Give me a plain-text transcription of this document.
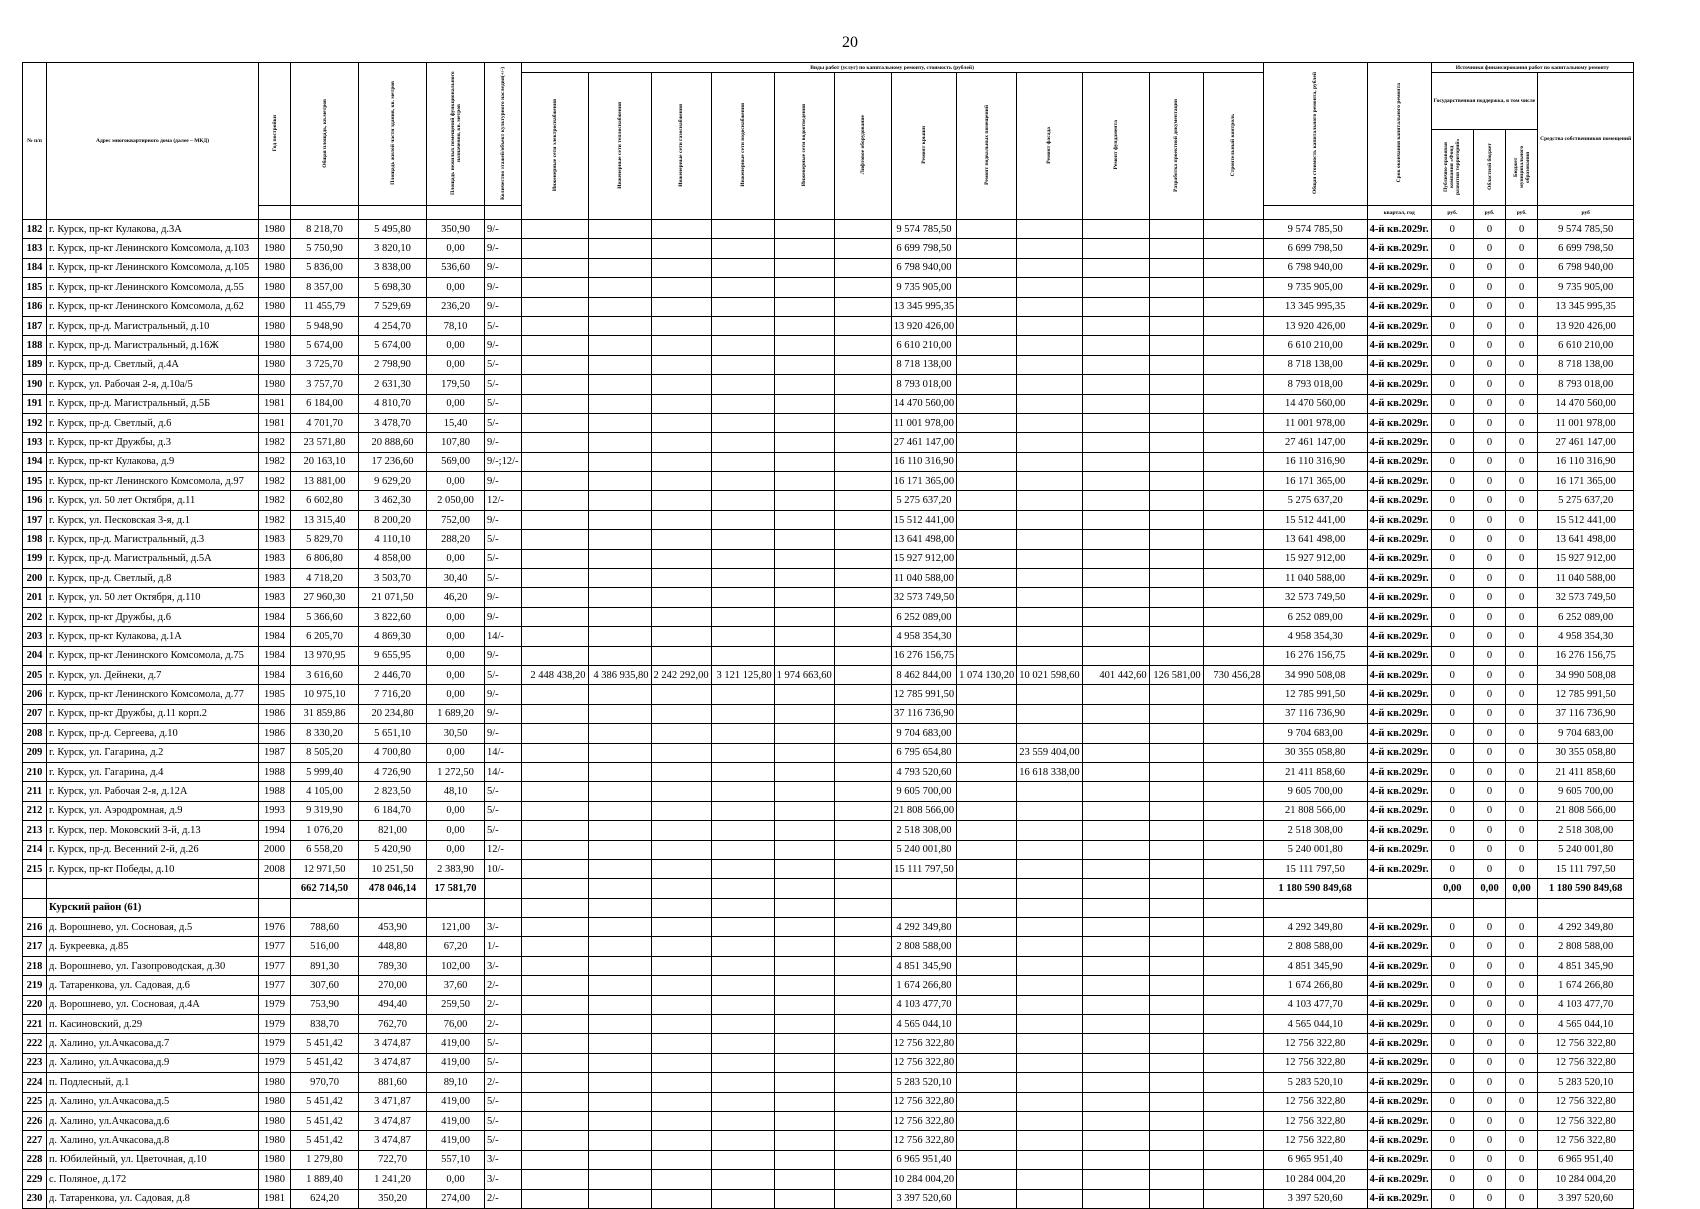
20
№ п/п	Адрес многоквартирного дома (далее – МКД)	Год постройки	Общая площадь, кв.метров	Площадь жилой части здания, кв. метров	Площадь нежилых помещений функционального назначения, кв. метров	Количество этажей/объект культурного наследия(+/-)	Виды работ (услуг) по капитальному ремонту, стоимость (рублей)												Общая стоимость капитального ремонта, рублей	Срок окончания капитального ремонта	Источники финансирования работ по капитальному ремонту			
							Инженерные сети электроснабжения	Инженерные сети теплоснабжения	Инженерные сети газоснабжения	Инженерные сети водоснабжения	Инженерные сети водоотведения	Лифтовое оборудование	Ремонт крыши	Ремонт подвальных помещений	Ремонт фасада	Ремонт фундамента	Разработка проектной документации	Строительный контроль			Государственная поддержка, в том числе			Средства собственников помещений
																					Публично-правовая компания «Фонд развития территорий»	Областной бюджет	Бюджет муниципального образования	
																				квартал, год	руб.	руб.	руб.	руб
182	г. Курск, пр-кт Кулакова, д.3А	1980	8 218,70	5 495,80	350,90	9/-							9 574 785,50						9 574 785,50	4-й кв.2029г.	0	0	0	9 574 785,50
183	г. Курск, пр-кт Ленинского Комсомола, д.103	1980	5 750,90	3 820,10	0,00	9/-							6 699 798,50						6 699 798,50	4-й кв.2029г.	0	0	0	6 699 798,50
184	г. Курск, пр-кт Ленинского Комсомола, д.105	1980	5 836,00	3 838,00	536,60	9/-							6 798 940,00						6 798 940,00	4-й кв.2029г.	0	0	0	6 798 940,00
185	г. Курск, пр-кт Ленинского Комсомола, д.55	1980	8 357,00	5 698,30	0,00	9/-							9 735 905,00						9 735 905,00	4-й кв.2029г.	0	0	0	9 735 905,00
186	г. Курск, пр-кт Ленинского Комсомола, д.62	1980	11 455,79	7 529,69	236,20	9/-							13 345 995,35						13 345 995,35	4-й кв.2029г.	0	0	0	13 345 995,35
187	г. Курск, пр-д. Магистральный, д.10	1980	5 948,90	4 254,70	78,10	5/-							13 920 426,00						13 920 426,00	4-й кв.2029г.	0	0	0	13 920 426,00
188	г. Курск, пр-д. Магистральный, д.16Ж	1980	5 674,00	5 674,00	0,00	9/-							6 610 210,00						6 610 210,00	4-й кв.2029г.	0	0	0	6 610 210,00
189	г. Курск, пр-д. Светлый, д.4А	1980	3 725,70	2 798,90	0,00	5/-							8 718 138,00						8 718 138,00	4-й кв.2029г.	0	0	0	8 718 138,00
190	г. Курск, ул. Рабочая 2-я, д.10а/5	1980	3 757,70	2 631,30	179,50	5/-							8 793 018,00						8 793 018,00	4-й кв.2029г.	0	0	0	8 793 018,00
191	г. Курск, пр-д. Магистральный, д.5Б	1981	6 184,00	4 810,70	0,00	5/-							14 470 560,00						14 470 560,00	4-й кв.2029г.	0	0	0	14 470 560,00
192	г. Курск, пр-д. Светлый, д.6	1981	4 701,70	3 478,70	15,40	5/-							11 001 978,00						11 001 978,00	4-й кв.2029г.	0	0	0	11 001 978,00
193	г. Курск, пр-кт Дружбы, д.3	1982	23 571,80	20 888,60	107,80	9/-							27 461 147,00						27 461 147,00	4-й кв.2029г.	0	0	0	27 461 147,00
194	г. Курск, пр-кт Кулакова, д.9	1982	20 163,10	17 236,60	569,00	9/-;12/-							16 110 316,90						16 110 316,90	4-й кв.2029г.	0	0	0	16 110 316,90
195	г. Курск, пр-кт Ленинского Комсомола, д.97	1982	13 881,00	9 629,20	0,00	9/-							16 171 365,00						16 171 365,00	4-й кв.2029г.	0	0	0	16 171 365,00
196	г. Курск, ул. 50 лет Октября, д.11	1982	6 602,80	3 462,30	2 050,00	12/-							5 275 637,20						5 275 637,20	4-й кв.2029г.	0	0	0	5 275 637,20
197	г. Курск, ул. Песковская 3-я, д.1	1982	13 315,40	8 200,20	752,00	9/-							15 512 441,00						15 512 441,00	4-й кв.2029г.	0	0	0	15 512 441,00
198	г. Курск, пр-д. Магистральный, д.3	1983	5 829,70	4 110,10	288,20	5/-							13 641 498,00						13 641 498,00	4-й кв.2029г.	0	0	0	13 641 498,00
199	г. Курск, пр-д. Магистральный, д.5А	1983	6 806,80	4 858,00	0,00	5/-							15 927 912,00						15 927 912,00	4-й кв.2029г.	0	0	0	15 927 912,00
200	г. Курск, пр-д. Светлый, д.8	1983	4 718,20	3 503,70	30,40	5/-							11 040 588,00						11 040 588,00	4-й кв.2029г.	0	0	0	11 040 588,00
201	г. Курск, ул. 50 лет Октября, д.110	1983	27 960,30	21 071,50	46,20	9/-							32 573 749,50						32 573 749,50	4-й кв.2029г.	0	0	0	32 573 749,50
202	г. Курск, пр-кт Дружбы, д.6	1984	5 366,60	3 822,60	0,00	9/-							6 252 089,00						6 252 089,00	4-й кв.2029г.	0	0	0	6 252 089,00
203	г. Курск, пр-кт Кулакова, д.1А	1984	6 205,70	4 869,30	0,00	14/-							4 958 354,30						4 958 354,30	4-й кв.2029г.	0	0	0	4 958 354,30
204	г. Курск, пр-кт Ленинского Комсомола, д.75	1984	13 970,95	9 655,95	0,00	9/-							16 276 156,75						16 276 156,75	4-й кв.2029г.	0	0	0	16 276 156,75
205	г. Курск, ул. Дейнеки, д.7	1984	3 616,60	2 446,70	0,00	5/-	2 448 438,20	4 386 935,80	2 242 292,00	3 121 125,80	1 974 663,60		8 462 844,00	1 074 130,20	10 021 598,60	401 442,60	126 581,00	730 456,28	34 990 508,08	4-й кв.2029г.	0	0	0	34 990 508,08
206	г. Курск, пр-кт Ленинского Комсомола, д.77	1985	10 975,10	7 716,20	0,00	9/-							12 785 991,50						12 785 991,50	4-й кв.2029г.	0	0	0	12 785 991,50
207	г. Курск, пр-кт Дружбы, д.11 корп.2	1986	31 859,86	20 234,80	1 689,20	9/-							37 116 736,90						37 116 736,90	4-й кв.2029г.	0	0	0	37 116 736,90
208	г. Курск, пр-д. Сергеева, д.10	1986	8 330,20	5 651,10	30,50	9/-							9 704 683,00						9 704 683,00	4-й кв.2029г.	0	0	0	9 704 683,00
209	г. Курск, ул. Гагарина, д.2	1987	8 505,20	4 700,80	0,00	14/-							6 795 654,80		23 559 404,00				30 355 058,80	4-й кв.2029г.	0	0	0	30 355 058,80
210	г. Курск, ул. Гагарина, д.4	1988	5 999,40	4 726,90	1 272,50	14/-							4 793 520,60		16 618 338,00				21 411 858,60	4-й кв.2029г.	0	0	0	21 411 858,60
211	г. Курск, ул. Рабочая 2-я, д.12А	1988	4 105,00	2 823,50	48,10	5/-							9 605 700,00						9 605 700,00	4-й кв.2029г.	0	0	0	9 605 700,00
212	г. Курск, ул. Аэродромная, д.9	1993	9 319,90	6 184,70	0,00	5/-							21 808 566,00						21 808 566,00	4-й кв.2029г.	0	0	0	21 808 566,00
213	г. Курск, пер. Моковский 3-й, д.13	1994	1 076,20	821,00	0,00	5/-							2 518 308,00						2 518 308,00	4-й кв.2029г.	0	0	0	2 518 308,00
214	г. Курск, пр-д. Весенний 2-й, д.26	2000	6 558,20	5 420,90	0,00	12/-							5 240 001,80						5 240 001,80	4-й кв.2029г.	0	0	0	5 240 001,80
215	г. Курск, пр-кт Победы, д.10	2008	12 971,50	10 251,50	2 383,90	10/-							15 111 797,50						15 111 797,50	4-й кв.2029г.	0	0	0	15 111 797,50
			662 714,50	478 046,14	17 581,70														1 180 590 849,68		0,00	0,00	0,00	1 180 590 849,68
	Курский район (61)																							
216	д. Ворошнево, ул. Сосновая, д.5	1976	788,60	453,90	121,00	3/-							4 292 349,80						4 292 349,80	4-й кв.2029г.	0	0	0	4 292 349,80
217	д. Букреевка, д.85	1977	516,00	448,80	67,20	1/-							2 808 588,00						2 808 588,00	4-й кв.2029г.	0	0	0	2 808 588,00
218	д. Ворошнево, ул. Газопроводская, д.30	1977	891,30	789,30	102,00	3/-							4 851 345,90						4 851 345,90	4-й кв.2029г.	0	0	0	4 851 345,90
219	д. Татаренкова, ул. Садовая, д.6	1977	307,60	270,00	37,60	2/-							1 674 266,80						1 674 266,80	4-й кв.2029г.	0	0	0	1 674 266,80
220	д. Ворошнево, ул. Сосновая, д.4А	1979	753,90	494,40	259,50	2/-							4 103 477,70						4 103 477,70	4-й кв.2029г.	0	0	0	4 103 477,70
221	п. Касиновский, д.29	1979	838,70	762,70	76,00	2/-							4 565 044,10						4 565 044,10	4-й кв.2029г.	0	0	0	4 565 044,10
222	д. Халино, ул.Ачкасова,д.7	1979	5 451,42	3 474,87	419,00	5/-							12 756 322,80						12 756 322,80	4-й кв.2029г.	0	0	0	12 756 322,80
223	д. Халино, ул.Ачкасова,д.9	1979	5 451,42	3 474,87	419,00	5/-							12 756 322,80						12 756 322,80	4-й кв.2029г.	0	0	0	12 756 322,80
224	п. Подлесный, д.1	1980	970,70	881,60	89,10	2/-							5 283 520,10						5 283 520,10	4-й кв.2029г.	0	0	0	5 283 520,10
225	д. Халино, ул.Ачкасова,д.5	1980	5 451,42	3 471,87	419,00	5/-							12 756 322,80						12 756 322,80	4-й кв.2029г.	0	0	0	12 756 322,80
226	д. Халино, ул.Ачкасова,д.6	1980	5 451,42	3 474,87	419,00	5/-							12 756 322,80						12 756 322,80	4-й кв.2029г.	0	0	0	12 756 322,80
227	д. Халино, ул.Ачкасова,д.8	1980	5 451,42	3 474,87	419,00	5/-							12 756 322,80						12 756 322,80	4-й кв.2029г.	0	0	0	12 756 322,80
228	п. Юбилейный, ул. Цветочная, д.10	1980	1 279,80	722,70	557,10	3/-							6 965 951,40						6 965 951,40	4-й кв.2029г.	0	0	0	6 965 951,40
229	с. Поляное, д.172	1980	1 889,40	1 241,20	0,00	3/-							10 284 004,20						10 284 004,20	4-й кв.2029г.	0	0	0	10 284 004,20
230	д. Татаренкова, ул. Садовая, д.8	1981	624,20	350,20	274,00	2/-							3 397 520,60						3 397 520,60	4-й кв.2029г.	0	0	0	3 397 520,60
